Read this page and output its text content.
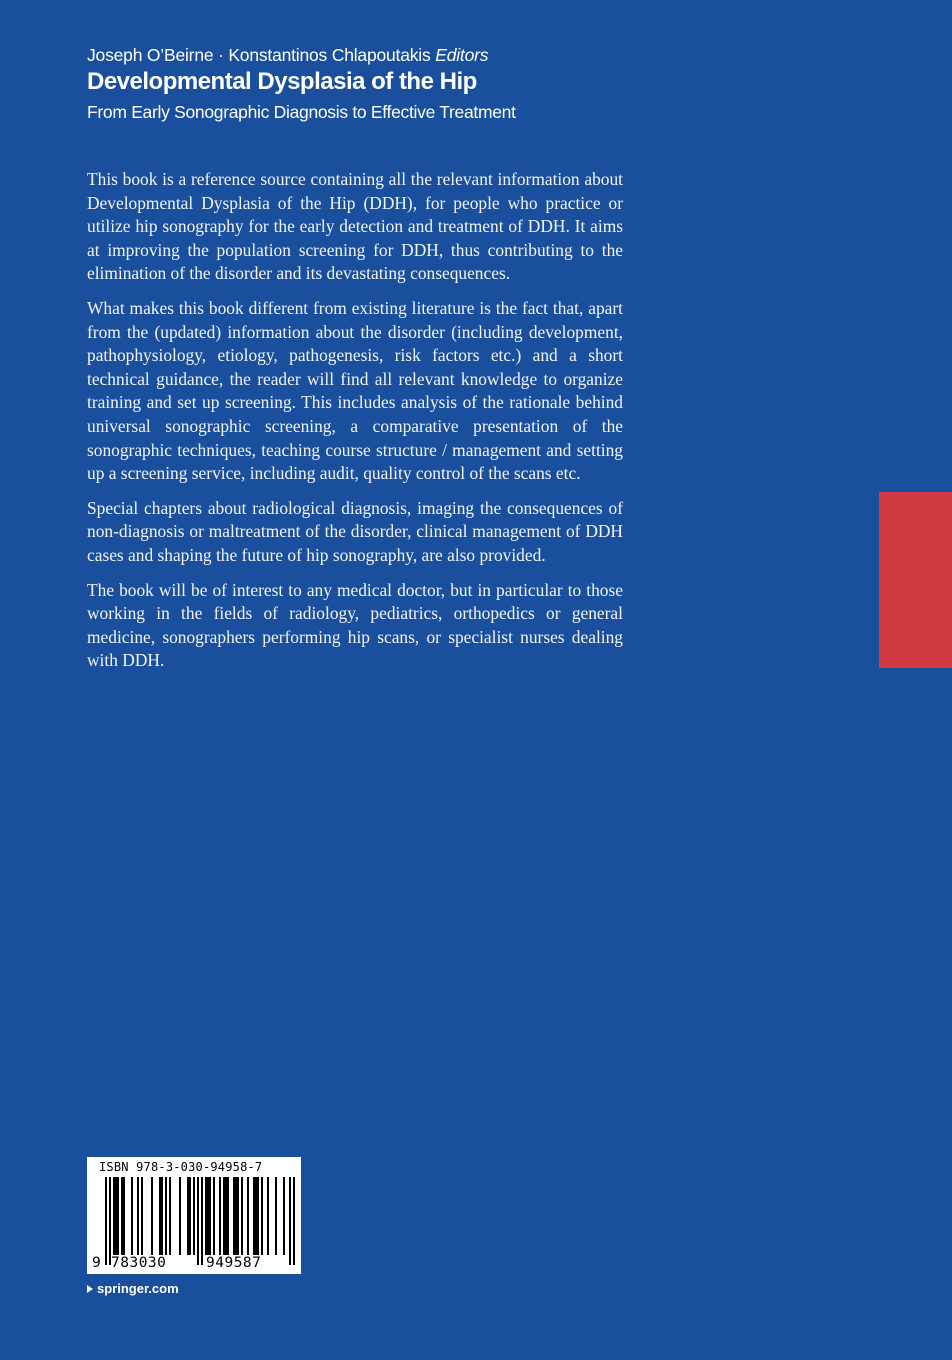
Joseph O’Beirne · Konstantinos Chlapoutakis Editors
Developmental Dysplasia of the Hip
From Early Sonographic Diagnosis to Effective Treatment

This book is a reference source containing all the relevant information about Developmental Dysplasia of the Hip (DDH), for people who practice or utilize hip sonography for the early detection and treatment of DDH. It aims at improving the population screening for DDH, thus contributing to the elimination of the disorder and its devastating consequences.

What makes this book different from existing literature is the fact that, apart from the (updated) information about the disorder (including development, pathophysiology, etiology, pathogenesis, risk factors etc.) and a short technical guidance, the reader will find all relevant knowledge to organize training and set up screening. This includes analysis of the rationale behind universal sonographic screening, a comparative presentation of the sonographic techniques, teaching course structure / management and setting up a screening service, including audit, quality control of the scans etc.

Special chapters about radiological diagnosis, imaging the consequences of non-diagnosis or maltreatment of the disorder, clinical management of DDH cases and shaping the future of hip sonography, are also provided.

The book will be of interest to any medical doctor, but in particular to those working in the fields of radiology, pediatrics, orthopedics or general medicine, sonographers performing hip scans, or specialist nurses dealing with DDH.

ISBN 978-3-030-94958-7
9 783030	949587
springer.com
